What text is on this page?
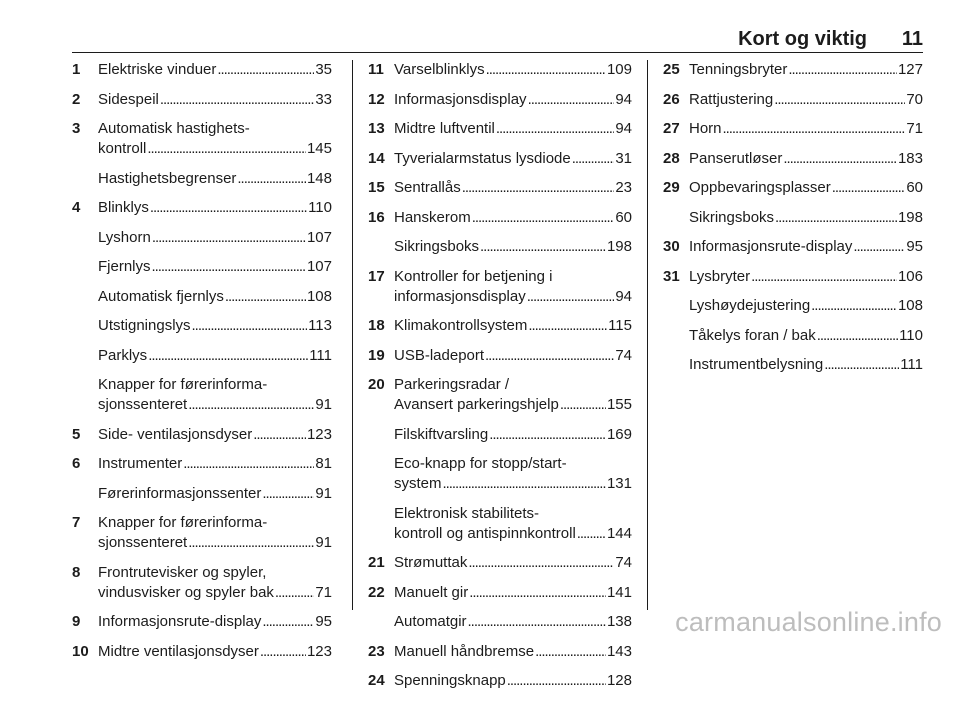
Kort og viktig 11
1 Elektriske vinduer . . .	35
2 Sidespeil . . .	33
3 Automatisk hastighets-
kontroll . . .	145
Hastighetsbegrenser . . .	148
4 Blinklys . . .	110
Lyshorn . . .	107
Fjernlys . . .	107
Automatisk fjernlys . . .	108
Utstigningslys . . .	113
Parklys . . .	111
Knapper for førerinforma-
sjonssenteret . . .	91
5 Side- ventilasjonsdyser . . .	123
6 Instrumenter . . .	81
Førerinformasjonssenter . . .	91
7 Knapper for førerinforma-
sjonssenteret . . .	91
8 Frontrutevisker og spyler,
vindusvisker og spyler bak . . .	71
9 Informasjonsrute-display . . .	95
10 Midtre ventilasjonsdyser . . .	123
11 Varselblinklys . . .	109
12 Informasjonsdisplay . . .	94
13 Midtre luftventil . . .	94
14 Tyverialarmstatus lysdiode . . .	31
15 Sentrallås . . .	23
16 Hanskerom . . .	60
Sikringsboks . . .	198
17 Kontroller for betjening i
informasjonsdisplay . . .	94
18 Klimakontrollsystem . . .	115
19 USB-ladeport . . .	74
20 Parkeringsradar /
Avansert parkeringshjelp . . .	155
Filskiftvarsling . . .	169
Eco-knapp for stopp/start-
system . . .	131
Elektronisk stabilitets-
kontroll og antispinnkontroll . . . 144
21 Strømuttak . . .	74
22 Manuelt gir . . .	141
Automatgir . . .	138
23 Manuell håndbremse . . .	143
24 Spenningsknapp . . .	128
25 Tenningsbryter . . .	127
26 Rattjustering . . .	70
27 Horn . . .	71
28 Panserutløser . . .	183
29 Oppbevaringsplasser . . .	60
Sikringsboks . . .	198
30 Informasjonsrute-display . . .	95
31 Lysbryter . . .	106
Lyshøydejustering . . .	108
Tåkelys foran / bak . . .	110
Instrumentbelysning . . .	111
carmanualsonline.info
